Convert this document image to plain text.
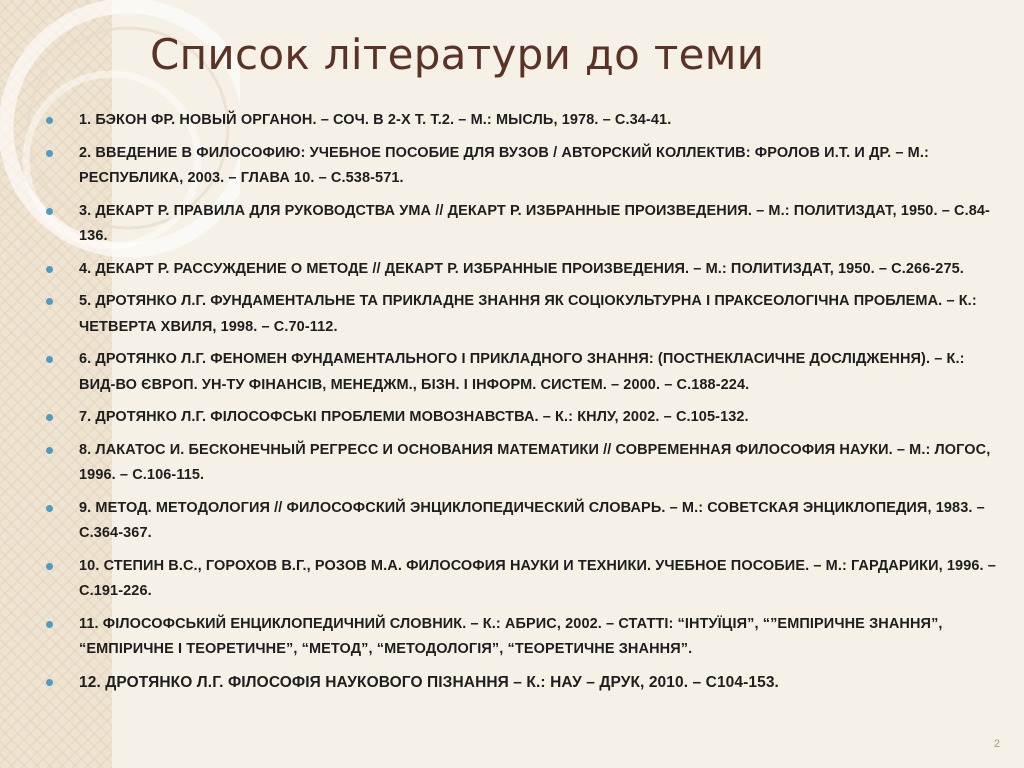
Список літератури до теми
1. БЭКОН ФР. НОВЫЙ ОРГАНОН. – СОЧ. В 2-Х Т. Т.2. – М.: МЫСЛЬ, 1978. – С.34-41.
2. ВВЕДЕНИЕ В ФИЛОСОФИЮ: УЧЕБНОЕ ПОСОБИЕ ДЛЯ ВУЗОВ / АВТОРСКИЙ КОЛЛЕКТИВ: ФРОЛОВ И.Т. И ДР. – М.: РЕСПУБЛИКА, 2003. – ГЛАВА 10. – С.538-571.
3. ДЕКАРТ Р. ПРАВИЛА ДЛЯ РУКОВОДСТВА УМА // ДЕКАРТ Р. ИЗБРАННЫЕ ПРОИЗВЕДЕНИЯ. – М.: ПОЛИТИЗДАТ, 1950. – С.84-136.
4. ДЕКАРТ Р. РАССУЖДЕНИЕ О МЕТОДЕ // ДЕКАРТ Р. ИЗБРАННЫЕ ПРОИЗВЕДЕНИЯ. – М.: ПОЛИТИЗДАТ, 1950. – С.266-275.
5. ДРОТЯНКО Л.Г. ФУНДАМЕНТАЛЬНЕ ТА ПРИКЛАДНЕ ЗНАННЯ ЯК СОЦІОКУЛЬТУРНА І ПРАКСЕОЛОГІЧНА ПРОБЛЕМА. – К.: ЧЕТВЕРТА ХВИЛЯ, 1998. – С.70-112.
6. ДРОТЯНКО Л.Г. ФЕНОМЕН ФУНДАМЕНТАЛЬНОГО І ПРИКЛАДНОГО ЗНАННЯ: (ПОСТНЕКЛАСИЧНЕ ДОСЛІДЖЕННЯ). – К.: ВИД-ВО ЄВРОП. УН-ТУ ФІНАНСІВ, МЕНЕДЖМ., БІЗН. І ІНФОРМ. СИСТЕМ. – 2000. – С.188-224.
7. ДРОТЯНКО Л.Г. ФІЛОСОФСЬКІ ПРОБЛЕМИ МОВОЗНАВСТВА. – К.: КНЛУ, 2002. – С.105-132.
8. ЛАКАТОС И. БЕСКОНЕЧНЫЙ РЕГРЕСС И ОСНОВАНИЯ МАТЕМАТИКИ // СОВРЕМЕННАЯ ФИЛОСОФИЯ НАУКИ. – М.: ЛОГОС, 1996. – С.106-115.
9. МЕТОД. МЕТОДОЛОГИЯ // ФИЛОСОФСКИЙ ЭНЦИКЛОПЕДИЧЕСКИЙ СЛОВАРЬ. – М.: СОВЕТСКАЯ ЭНЦИКЛОПЕДИЯ, 1983. – С.364-367.
10. СТЕПИН В.С., ГОРОХОВ В.Г., РОЗОВ М.А. ФИЛОСОФИЯ НАУКИ И ТЕХНИКИ. УЧЕБНОЕ ПОСОБИЕ. – М.: ГАРДАРИКИ, 1996. – С.191-226.
11. ФІЛОСОФСЬКИЙ ЕНЦИКЛОПЕДИЧНИЙ СЛОВНИК. – К.: АБРИС, 2002. – СТАТТІ: “ІНТУЇЦІЯ”, “”ЕМПІРИЧНЕ ЗНАННЯ”, “ЕМПІРИЧНЕ І ТЕОРЕТИЧНЕ”, “МЕТОД”, “МЕТОДОЛОГІЯ”, “ТЕОРЕТИЧНЕ ЗНАННЯ”.
12. ДРОТЯНКО Л.Г. ФІЛОСОФІЯ НАУКОВОГО ПІЗНАННЯ – К.: НАУ – ДРУК, 2010. – С104-153.
2
